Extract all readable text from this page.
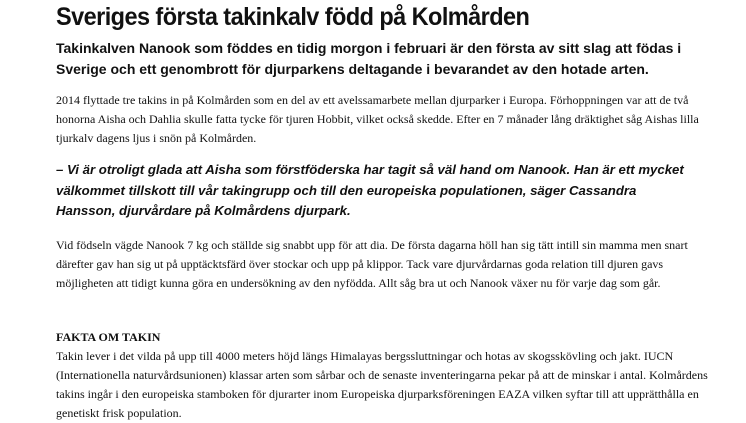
Sveriges första takinkalv född på Kolmården
Takinkalven Nanook som föddes en tidig morgon i februari är den första av sitt slag att födas i Sverige och ett genombrott för djurparkens deltagande i bevarandet av den hotade arten.

2014 flyttade tre takins in på Kolmården som en del av ett avelssamarbete mellan djurparker i Europa. Förhoppningen var att de två honorna Aisha och Dahlia skulle fatta tycke för tjuren Hobbit, vilket också skedde. Efter en 7 månader lång dräktighet såg Aishas lilla tjurkalv dagens ljus i snön på Kolmården.

– Vi är otroligt glada att Aisha som förstföderska har tagit så väl hand om Nanook. Han är ett mycket välkommet tillskott till vår takingrupp och till den europeiska populationen, säger Cassandra Hansson, djurvårdare på Kolmårdens djurpark.

Vid födseln vägde Nanook 7 kg och ställde sig snabbt upp för att dia. De första dagarna höll han sig tätt intill sin mamma men snart därefter gav han sig ut på upptäcktsfärd över stockar och upp på klippor. Tack vare djurvårdarnas goda relation till djuren gavs möjligheten att tidigt kunna göra en undersökning av den nyfödda. Allt såg bra ut och Nanook växer nu för varje dag som går.

FAKTA OM TAKIN

Takin lever i det vilda på upp till 4000 meters höjd längs Himalayas bergssluttningar och hotas av skogsskövling och jakt. IUCN (Internationella naturvårdsunionen) klassar arten som sårbar och de senaste inventeringarna pekar på att de minskar i antal. Kolmårdens takins ingår i den europeiska stamboken för djurarter inom Europeiska djurparksföreningen EAZA vilken syftar till att upprätthålla en genetiskt frisk population.
